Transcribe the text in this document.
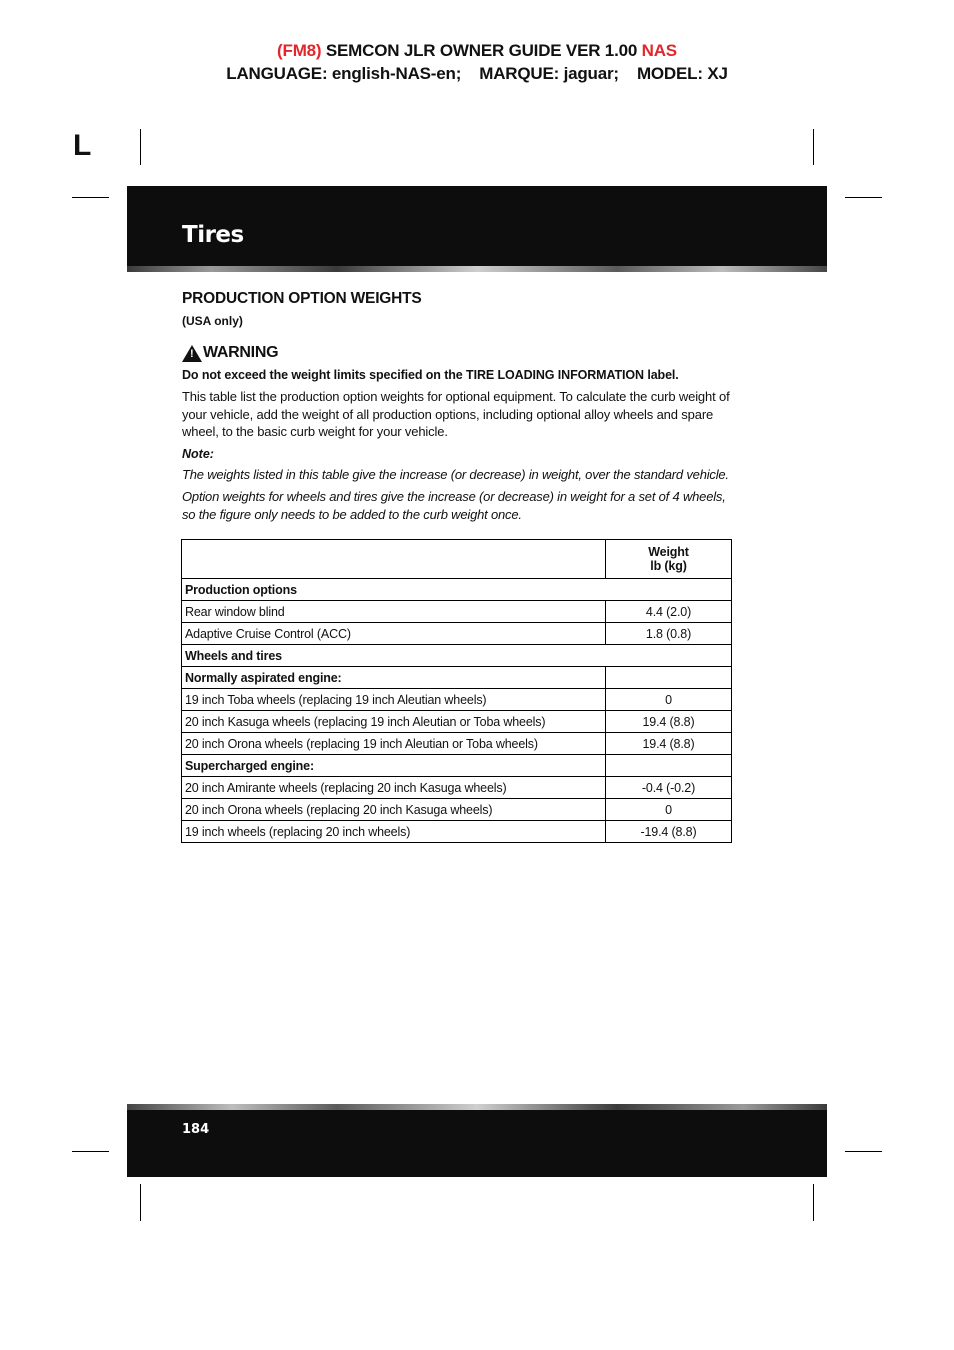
(FM8) SEMCON JLR OWNER GUIDE VER 1.00 NAS
LANGUAGE: english-NAS-en;    MARQUE: jaguar;    MODEL: XJ
L
Tires
PRODUCTION OPTION WEIGHTS
(USA only)
! WARNING
Do not exceed the weight limits specified on the TIRE LOADING INFORMATION label.
This table list the production option weights for optional equipment. To calculate the curb weight of your vehicle, add the weight of all production options, including optional alloy wheels and spare wheel, to the basic curb weight for your vehicle.
Note:
The weights listed in this table give the increase (or decrease) in weight, over the standard vehicle.
Option weights for wheels and tires give the increase (or decrease) in weight for a set of 4 wheels, so the figure only needs to be added to the curb weight once.

	Weight
lb (kg)

Production options	
Rear window blind	4.4 (2.0)
Adaptive Cruise Control (ACC)	1.8 (0.8)
Wheels and tires	
Normally aspirated engine:	
19 inch Toba wheels (replacing 19 inch Aleutian wheels)	0
20 inch Kasuga wheels (replacing 19 inch Aleutian or Toba wheels)	19.4 (8.8)
20 inch Orona wheels (replacing 19 inch Aleutian or Toba wheels)	19.4 (8.8)
Supercharged engine:	
20 inch Amirante wheels (replacing 20 inch Kasuga wheels)	-0.4 (-0.2)
20 inch Orona wheels (replacing 20 inch Kasuga wheels)	0
19 inch wheels (replacing 20 inch wheels)	-19.4 (8.8)
184
